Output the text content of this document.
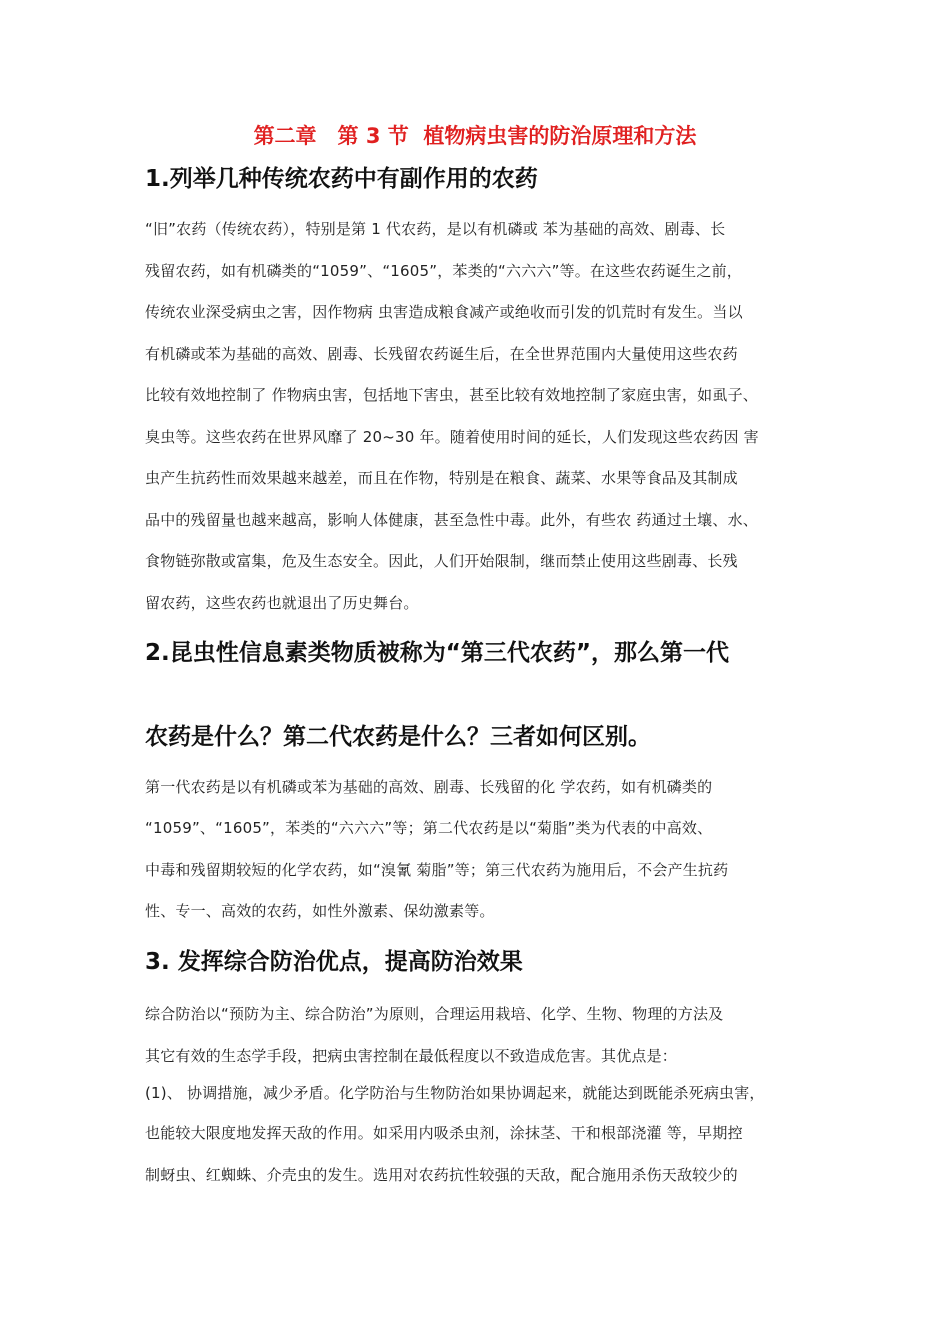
第二章　第 3 节  植物病虫害的防治原理和方法
1.列举几种传统农药中有副作用的农药
“旧”农药（传统农药），特别是第 1 代农药，是以有机磷或 苯为基础的高效、剧毒、长
残留农药，如有机磷类的“1059”、“1605”，苯类的“六六六”等。在这些农药诞生之前，
传统农业深受病虫之害，因作物病 虫害造成粮食减产或绝收而引发的饥荒时有发生。当以
有机磷或苯为基础的高效、剧毒、长残留农药诞生后，在全世界范围内大量使用这些农药
比较有效地控制了 作物病虫害，包括地下害虫，甚至比较有效地控制了家庭虫害，如虱子、
臭虫等。这些农药在世界风靡了 20~30 年。随着使用时间的延长，人们发现这些农药因 害
虫产生抗药性而效果越来越差，而且在作物，特别是在粮食、蔬菜、水果等食品及其制成
品中的残留量也越来越高，影响人体健康，甚至急性中毒。此外，有些农 药通过土壤、水、
食物链弥散或富集，危及生态安全。因此，人们开始限制，继而禁止使用这些剧毒、长残
留农药，这些农药也就退出了历史舞台。
2.昆虫性信息素类物质被称为“第三代农药”，那么第一代
农药是什么？第二代农药是什么？三者如何区别。
第一代农药是以有机磷或苯为基础的高效、剧毒、长残留的化 学农药，如有机磷类的
“1059”、“1605”，苯类的“六六六”等；第二代农药是以“菊脂”类为代表的中高效、
中毒和残留期较短的化学农药，如“溴氰 菊脂”等；第三代农药为施用后，不会产生抗药
性、专一、高效的农药，如性外激素、保幼激素等。
3. 发挥综合防治优点，提高防治效果
综合防治以“预防为主、综合防治”为原则，合理运用栽培、化学、生物、物理的方法及
其它有效的生态学手段，把病虫害控制在最低程度以不致造成危害。其优点是：
(1)、 协调措施，减少矛盾。化学防治与生物防治如果协调起来，就能达到既能杀死病虫害，
也能较大限度地发挥天敌的作用。如采用内吸杀虫剂，涂抹茎、干和根部浇灌 等，早期控
制蚜虫、红蜘蛛、介壳虫的发生。选用对农药抗性较强的天敌，配合施用杀伤天敌较少的
